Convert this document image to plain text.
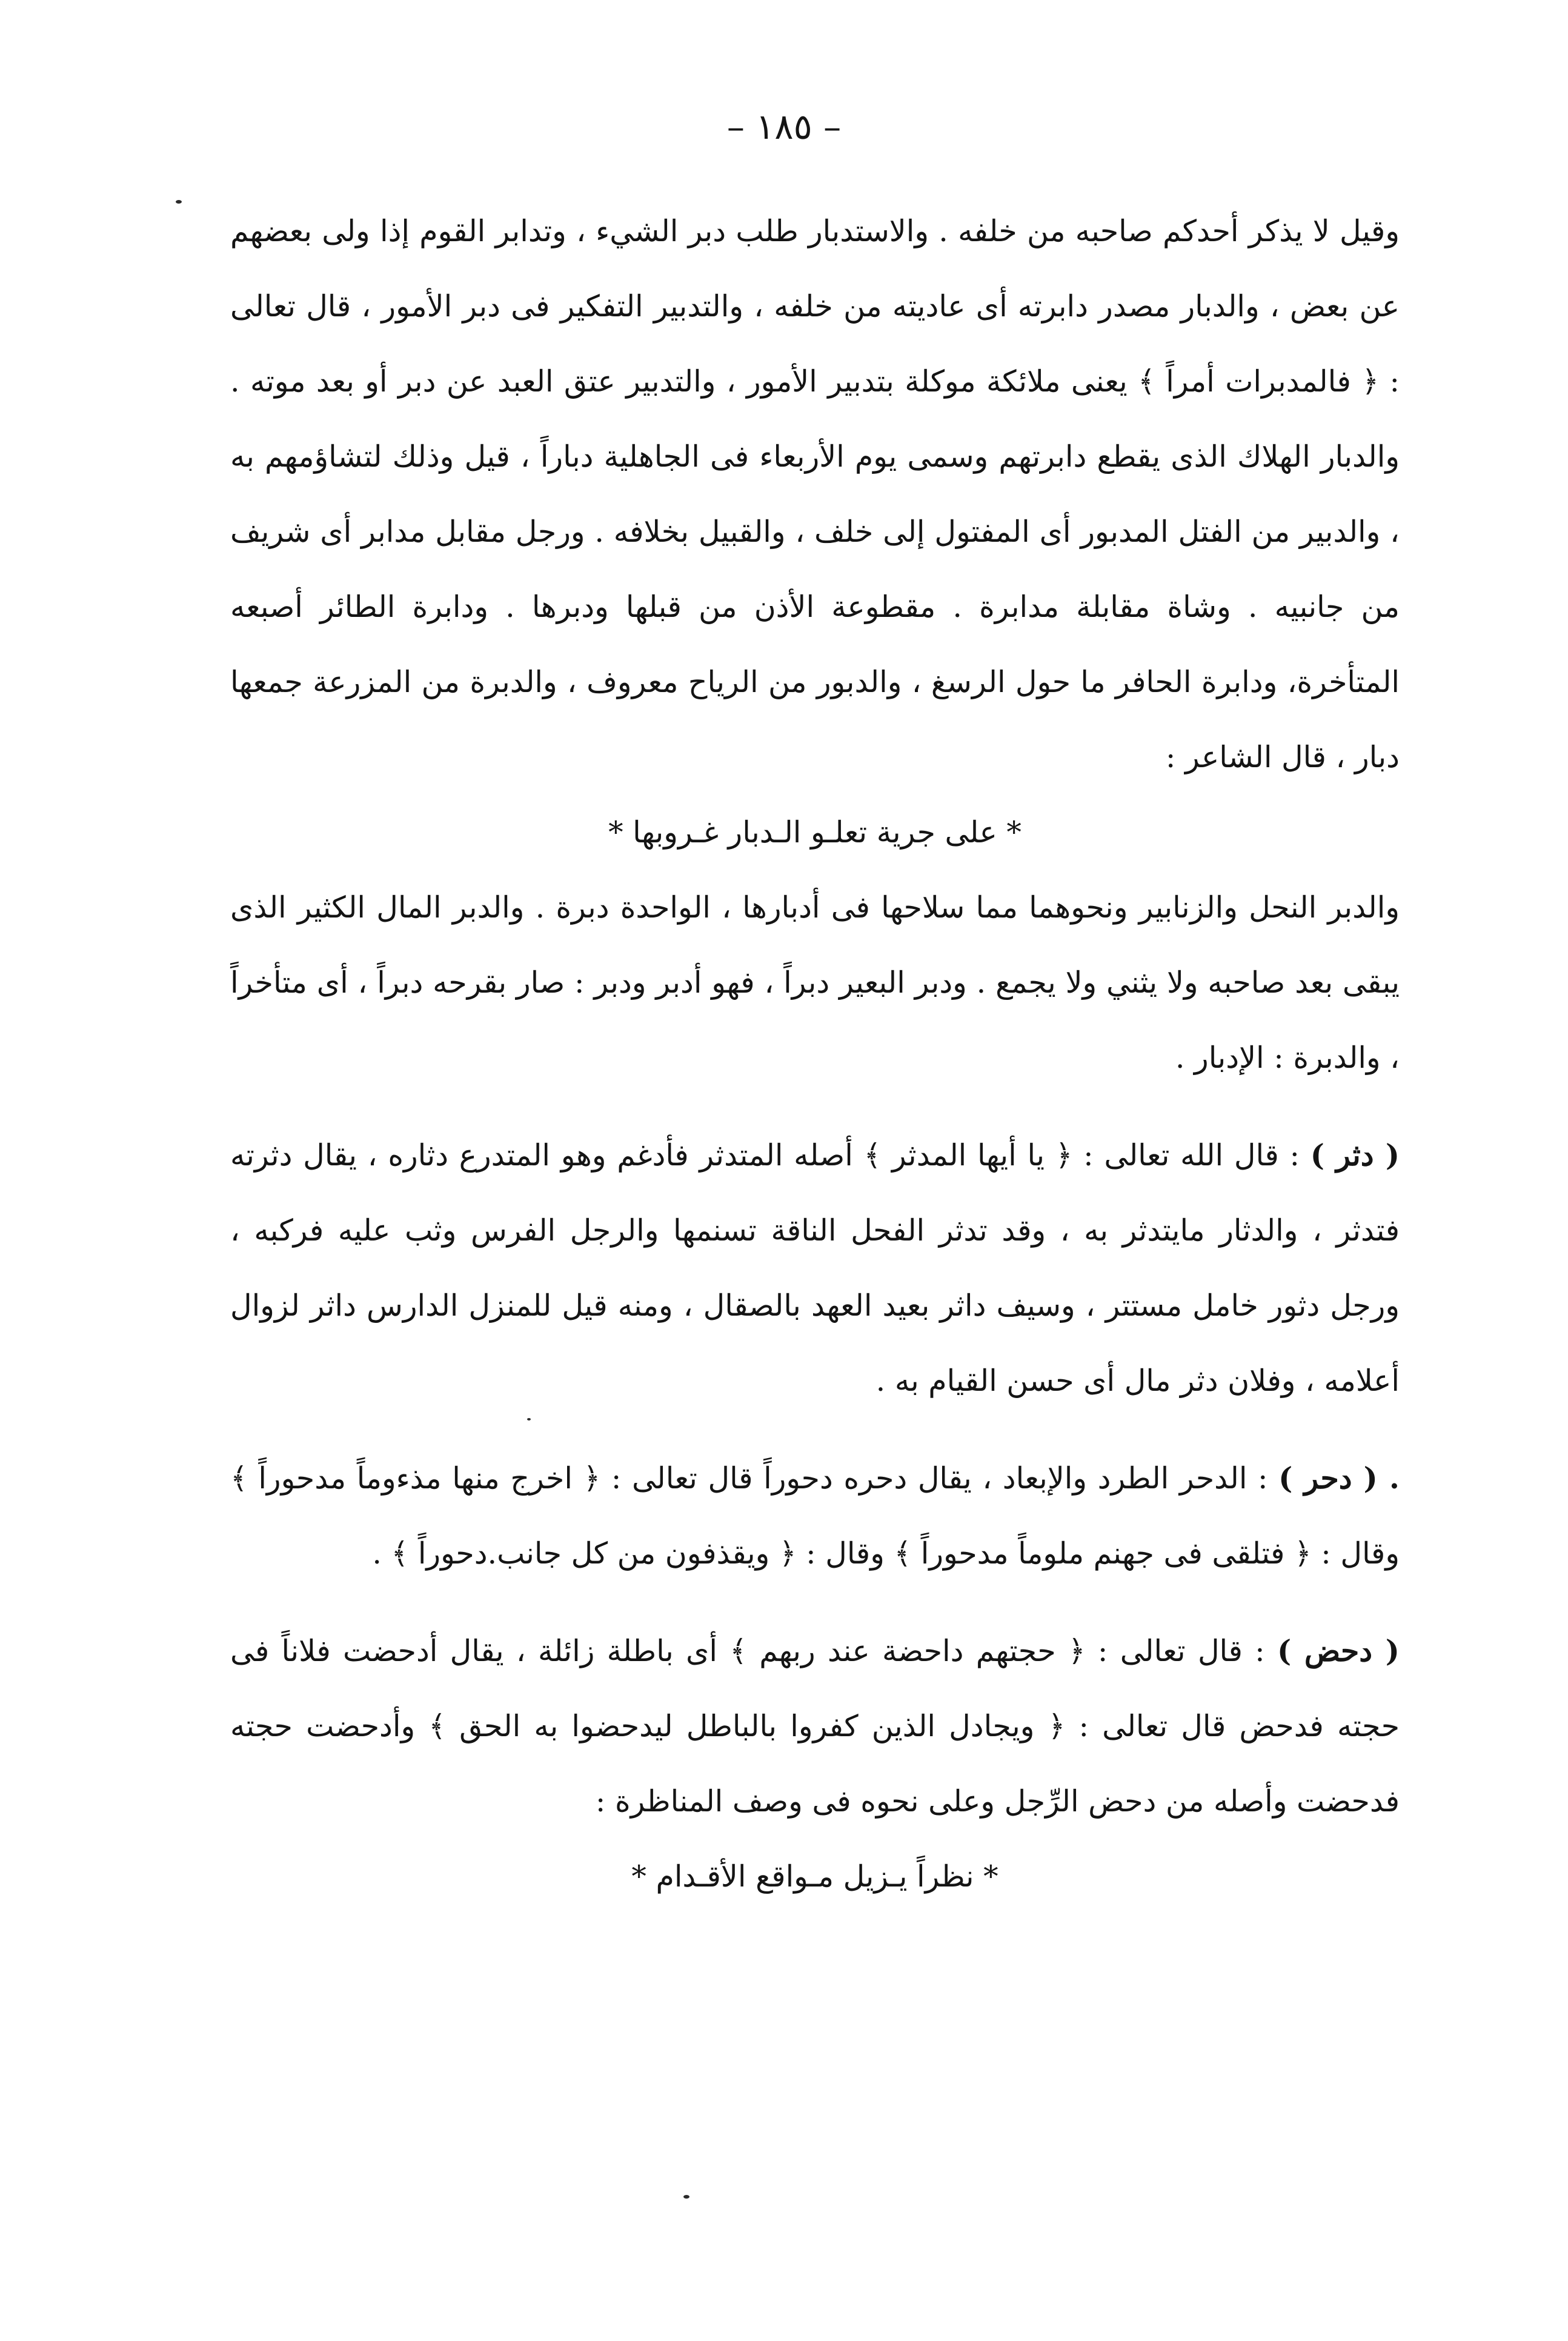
– ١٨٥ –

وقيل لا يذكر أحدكم صاحبه من خلفه . والاستدبار طلب دبر الشيء ، وتدابر القوم إذا ولى بعضهم عن بعض ، والدبار مصدر دابرته أى عاديته من خلفه ، والتدبير التفكير فى دبر الأمور ، قال تعالى : ﴿ فالمدبرات أمراً ﴾ يعنى ملائكة موكلة بتدبير الأمور ، والتدبير عتق العبد عن دبر أو بعد موته . والدبار الهلاك الذى يقطع دابرتهم وسمى يوم الأربعاء فى الجاهلية دباراً ، قيل وذلك لتشاؤمهم به ، والدبير من الفتل المدبور أى المفتول إلى خلف ، والقبيل بخلافه . ورجل مقابل مدابر أى شريف من جانبيه . وشاة مقابلة مدابرة . مقطوعة الأذن من قبلها ودبرها . ودابرة الطائر أصبعه المتأخرة، ودابرة الحافر ما حول الرسغ ، والدبور من الرياح معروف ، والدبرة من المزرعة جمعها دبار ، قال الشاعر :

* على جرية تعلـو الـدبار غـروبها *

والدبر النحل والزنابير ونحوهما مما سلاحها فى أدبارها ، الواحدة دبرة . والدبر المال الكثير الذى يبقى بعد صاحبه ولا يثني ولا يجمع . ودبر البعير دبراً ، فهو أدبر ودبر : صار بقرحه دبراً ، أى متأخراً ، والدبرة : الإدبار .

( دثر ) : قال الله تعالى : ﴿ يا أيها المدثر ﴾ أصله المتدثر فأدغم وهو المتدرع دثاره ، يقال دثرته فتدثر ، والدثار مايتدثر به ، وقد تدثر الفحل الناقة تسنمها والرجل الفرس وثب عليه فركبه ، ورجل دثور خامل مستتر ، وسيف داثر بعيد العهد بالصقال ، ومنه قيل للمنزل الدارس داثر لزوال أعلامه ، وفلان دثر مال أى حسن القيام به .

. ( دحر ) : الدحر الطرد والإبعاد ، يقال دحره دحوراً قال تعالى : ﴿ اخرج منها مذءوماً مدحوراً ﴾ وقال : ﴿ فتلقى فى جهنم ملوماً مدحوراً ﴾ وقال : ﴿ ويقذفون من كل جانب.دحوراً ﴾ .

( دحض ) : قال تعالى : ﴿ حجتهم داحضة عند ربهم ﴾ أى باطلة زائلة ، يقال أدحضت فلاناً فى حجته فدحض قال تعالى : ﴿ ويجادل الذين كفروا بالباطل ليدحضوا به الحق ﴾ وأدحضت حجته فدحضت وأصله من دحض الرِّجل وعلى نحوه فى وصف المناظرة :

* نظراً يـزيل مـواقع الأقـدام *
